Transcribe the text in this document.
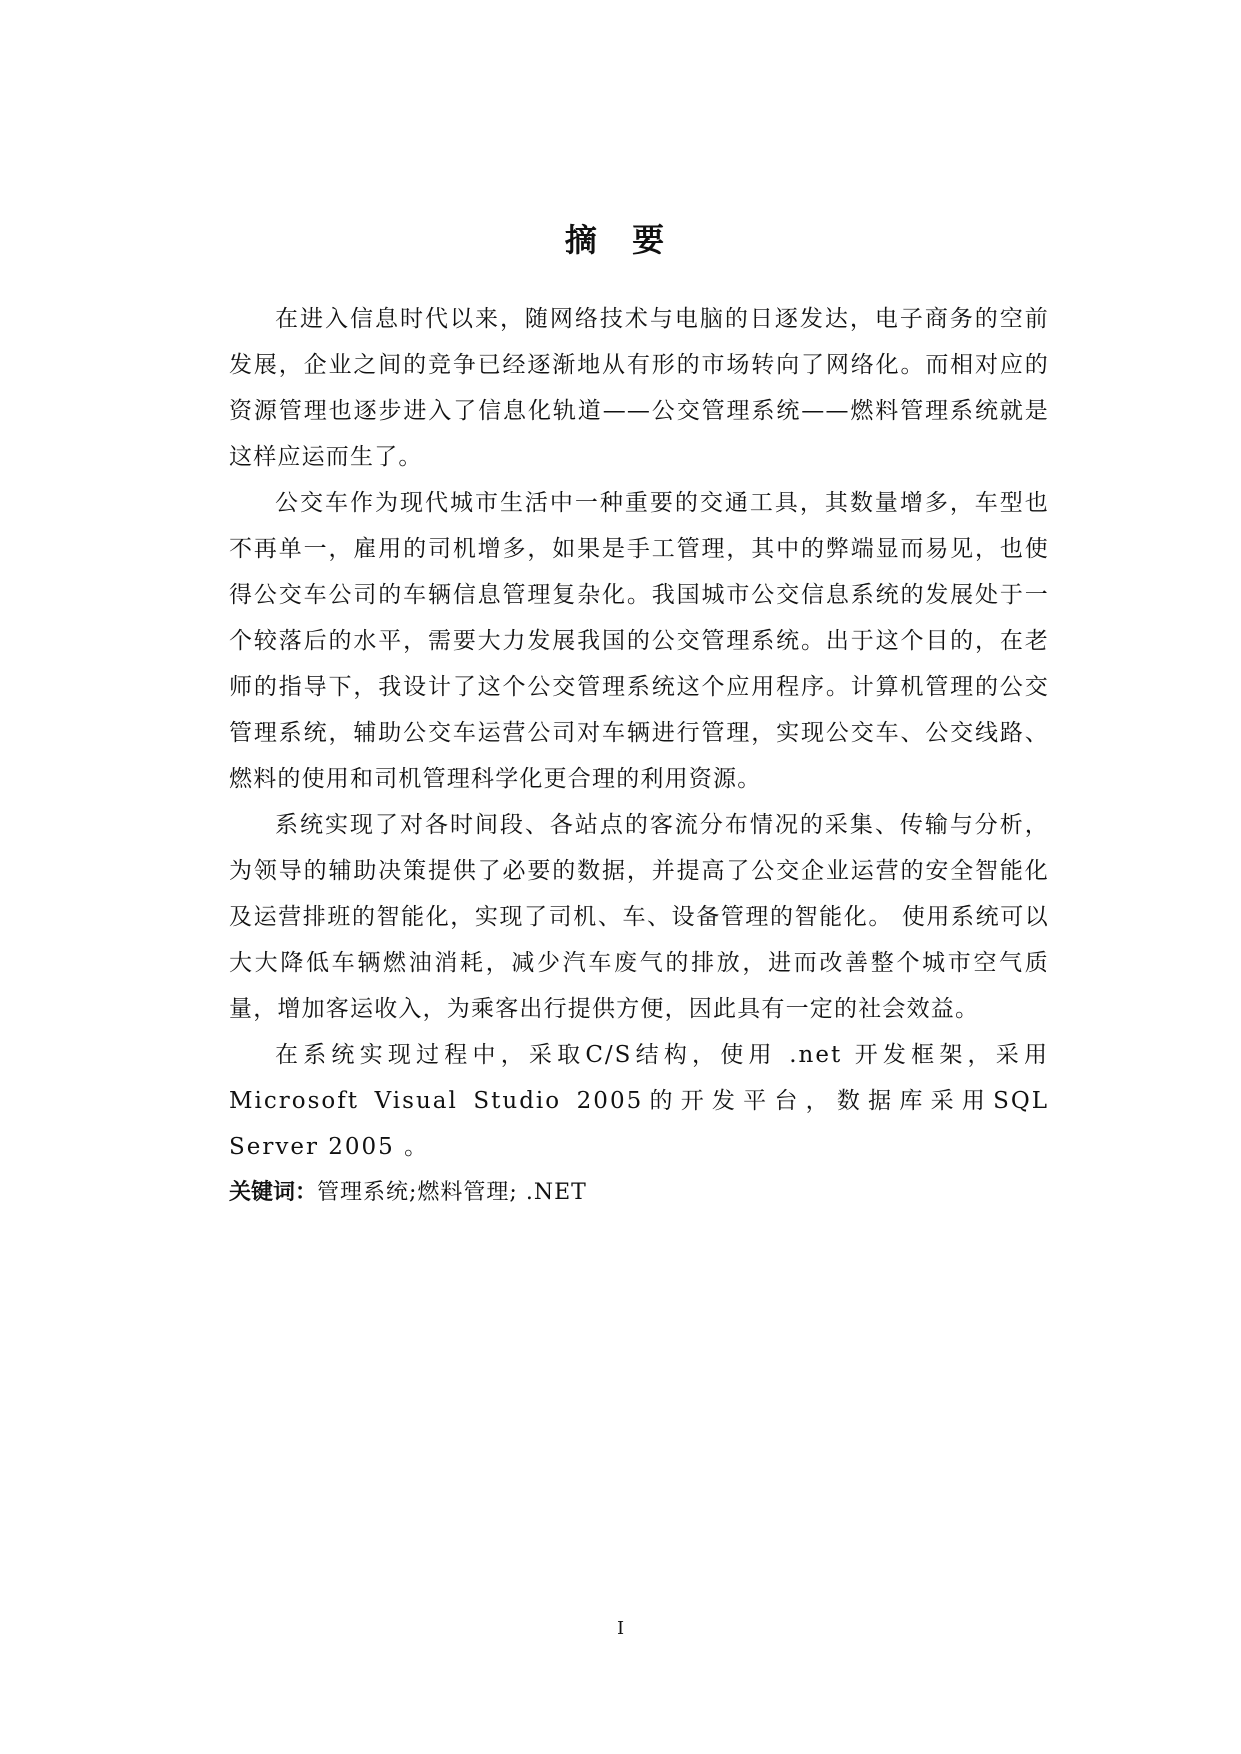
摘 要

在进入信息时代以来，随网络技术与电脑的日逐发达，电子商务的空前发展，企业之间的竞争已经逐渐地从有形的市场转向了网络化。而相对应的资源管理也逐步进入了信息化轨道——公交管理系统——燃料管理系统就是这样应运而生了。

公交车作为现代城市生活中一种重要的交通工具，其数量增多，车型也不再单一，雇用的司机增多，如果是手工管理，其中的弊端显而易见，也使得公交车公司的车辆信息管理复杂化。我国城市公交信息系统的发展处于一个较落后的水平，需要大力发展我国的公交管理系统。出于这个目的，在老师的指导下，我设计了这个公交管理系统这个应用程序。计算机管理的公交管理系统，辅助公交车运营公司对车辆进行管理，实现公交车、公交线路、燃料的使用和司机管理科学化更合理的利用资源。

系统实现了对各时间段、各站点的客流分布情况的采集、传输与分析，为领导的辅助决策提供了必要的数据，并提高了公交企业运营的安全智能化及运营排班的智能化，实现了司机、车、设备管理的智能化。 使用系统可以大大降低车辆燃油消耗，减少汽车废气的排放，进而改善整个城市空气质量，增加客运收入，为乘客出行提供方便，因此具有一定的社会效益。

在系统实现过程中，采取C/S结构，使用 .net 开发框架，采用Microsoft Visual Studio 2005的开发平台，数据库采用SQL Server 2005 。

关键词：管理系统;燃料管理; .NET

I
